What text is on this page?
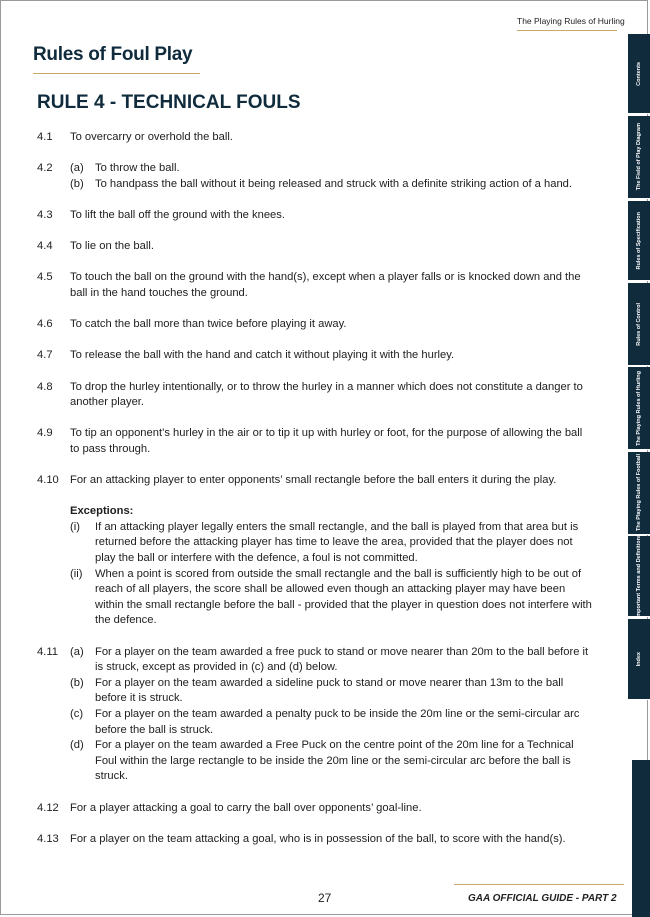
The Playing Rules of Hurling
Rules of Foul Play
RULE 4 - TECHNICAL FOULS
4.1	To overcarry or overhold the ball.
4.2	(a)	To throw the ball.
(b)	To handpass the ball without it being released and struck with a definite striking action of a hand.
4.3	To lift the ball off the ground with the knees.
4.4	To lie on the ball.
4.5	To touch the ball on the ground with the hand(s), except when a player falls or is knocked down and the ball in the hand touches the ground.
4.6	To catch the ball more than twice before playing it away.
4.7	To release the ball with the hand and catch it without playing it with the hurley.
4.8	To drop the hurley intentionally, or to throw the hurley in a manner which does not constitute a danger to another player.
4.9	To tip an opponent’s hurley in the air or to tip it up with hurley or foot, for the purpose of allowing the ball to pass through.
4.10	For an attacking player to enter opponents’ small rectangle before the ball enters it during the play.
Exceptions:
(i)	If an attacking player legally enters the small rectangle, and the ball is played from that area but is returned before the attacking player has time to leave the area, provided that the player does not play the ball or interfere with the defence, a foul is not committed.
(ii)	When a point is scored from outside the small rectangle and the ball is sufficiently high to be out of reach of all players, the score shall be allowed even though an attacking player may have been within the small rectangle before the ball - provided that the player in question does not interfere with the defence.
4.11	(a)	For a player on the team awarded a free puck to stand or move nearer than 20m to the ball before it is struck, except as provided in (c) and (d) below.
(b)	For a player on the team awarded a sideline puck to stand or move nearer than 13m to the ball before it is struck.
(c)	For a player on the team awarded a penalty puck to be inside the 20m line or the semi-circular arc before the ball is struck.
(d)	For a player on the team awarded a Free Puck on the centre point of the 20m line for a Technical Foul within the large rectangle to be inside the 20m line or the semi-circular arc before the ball is struck.
4.12	For a player attacking a goal to carry the ball over opponents’ goal-line.
4.13	For a player on the team attacking a goal, who is in possession of the ball, to score with the hand(s).
Contents
The Field of Play Diagram
Rules of Specification
Rules of Control
The Playing Rules of Hurling
The Playing Rules of Football
Important Terms and Definitions
Index
27	GAA OFFICIAL GUIDE - PART 2
